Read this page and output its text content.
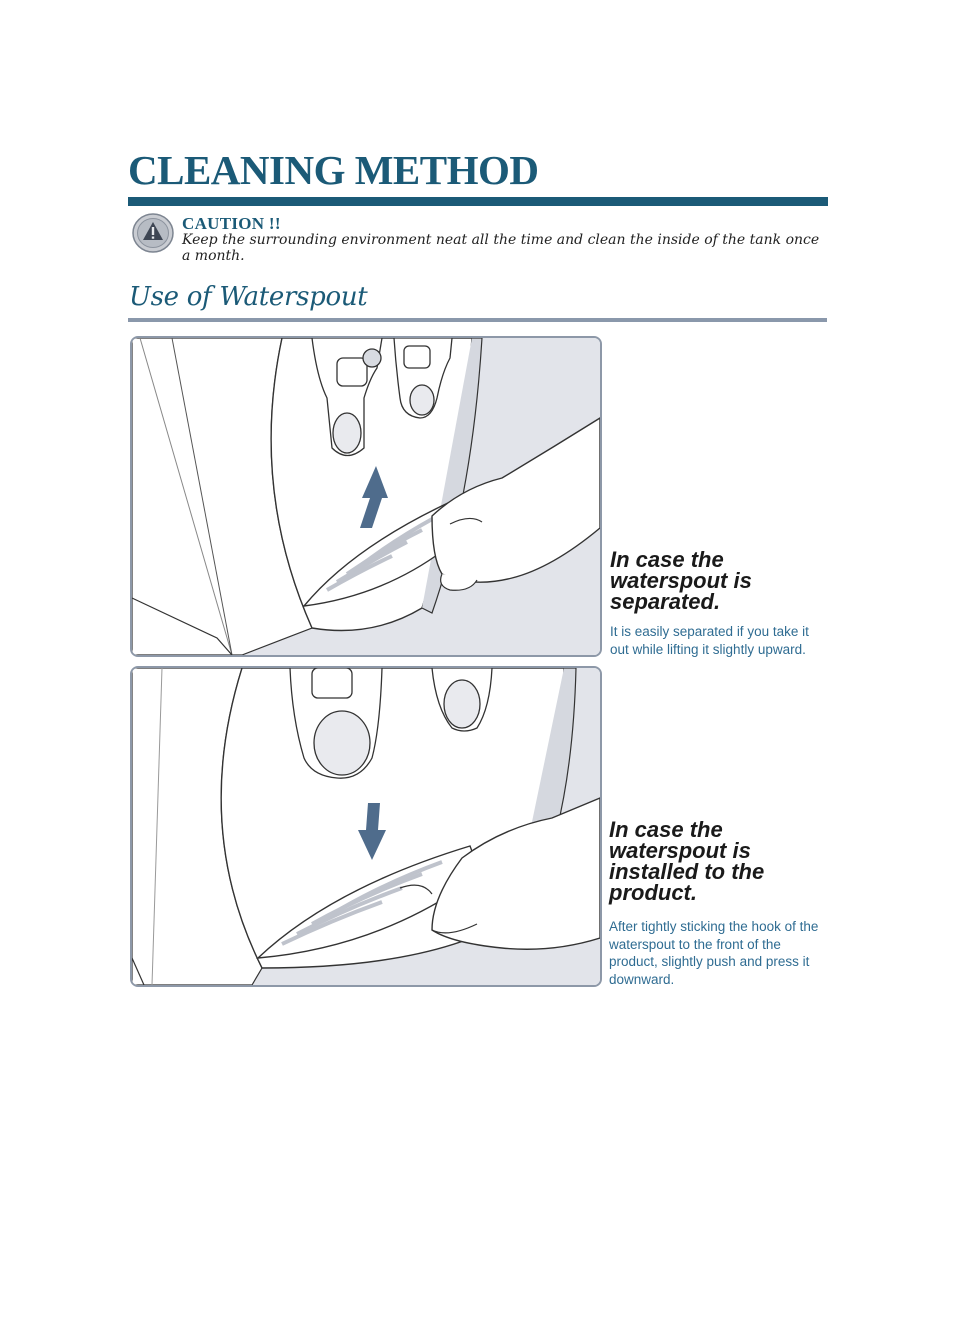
CLEANING METHOD
CAUTION !!
Keep the surrounding environment neat all the time and clean the inside of the tank once a month.
Use of Waterspout
In case the waterspout is separated.

It is easily separated if you take it out while lifting it slightly upward.

In case the waterspout is installed to the product.

After tightly sticking the hook of the waterspout to the front of the product, slightly push and press it downward.
